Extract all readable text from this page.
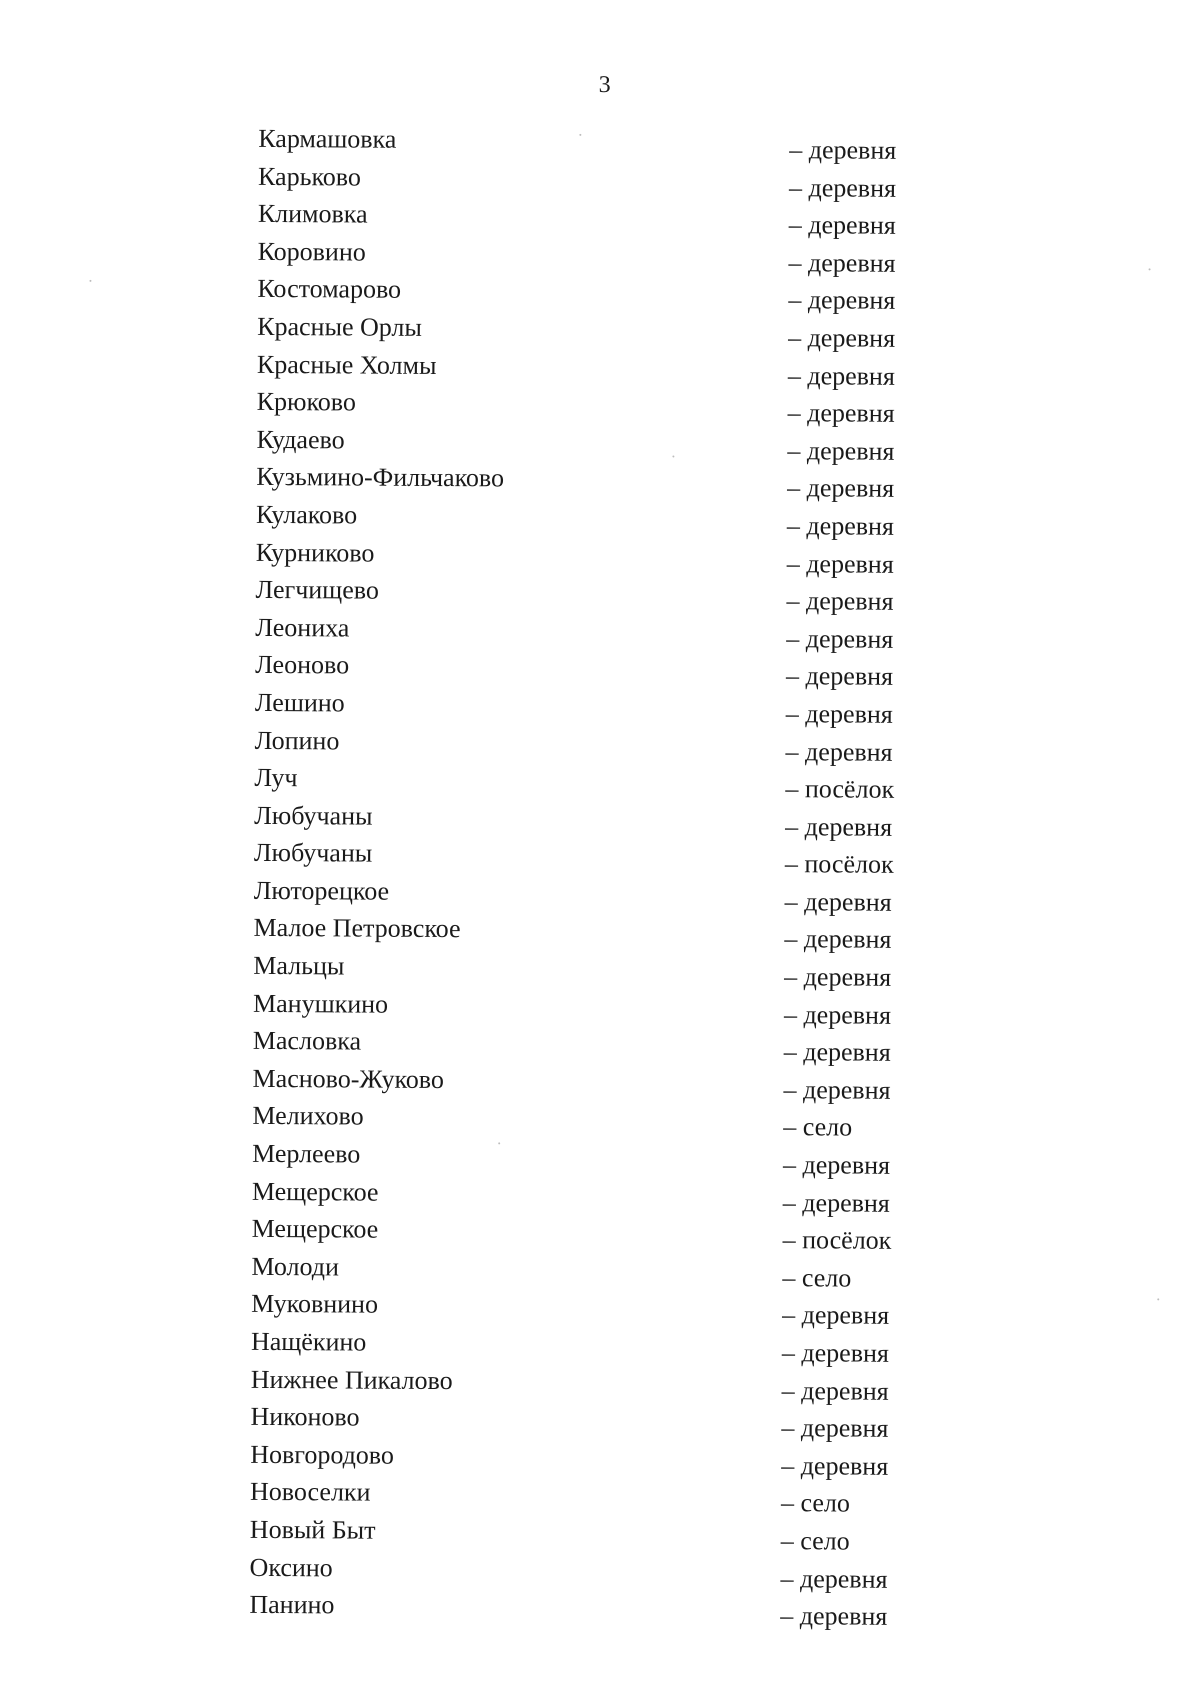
3
Кармашовка	– деревня
Карьково	– деревня
Климовка	– деревня
Коровино	– деревня
Костомарово	– деревня
Красные Орлы	– деревня
Красные Холмы	– деревня
Крюково	– деревня
Кудаево	– деревня
Кузьмино-Фильчаково	– деревня
Кулаково	– деревня
Курниково	– деревня
Легчищево	– деревня
Леониха	– деревня
Леоново	– деревня
Лешино	– деревня
Лопино	– деревня
Луч	– посёлок
Любучаны	– деревня
Любучаны	– посёлок
Люторецкое	– деревня
Малое Петровское	– деревня
Мальцы	– деревня
Манушкино	– деревня
Масловка	– деревня
Масново-Жуково	– деревня
Мелихово	– село
Мерлеево	– деревня
Мещерское	– деревня
Мещерское	– посёлок
Молоди	– село
Муковнино	– деревня
Нащёкино	– деревня
Нижнее Пикалово	– деревня
Никоново	– деревня
Новгородово	– деревня
Новоселки	– село
Новый Быт	– село
Оксино	– деревня
Панино	– деревня
